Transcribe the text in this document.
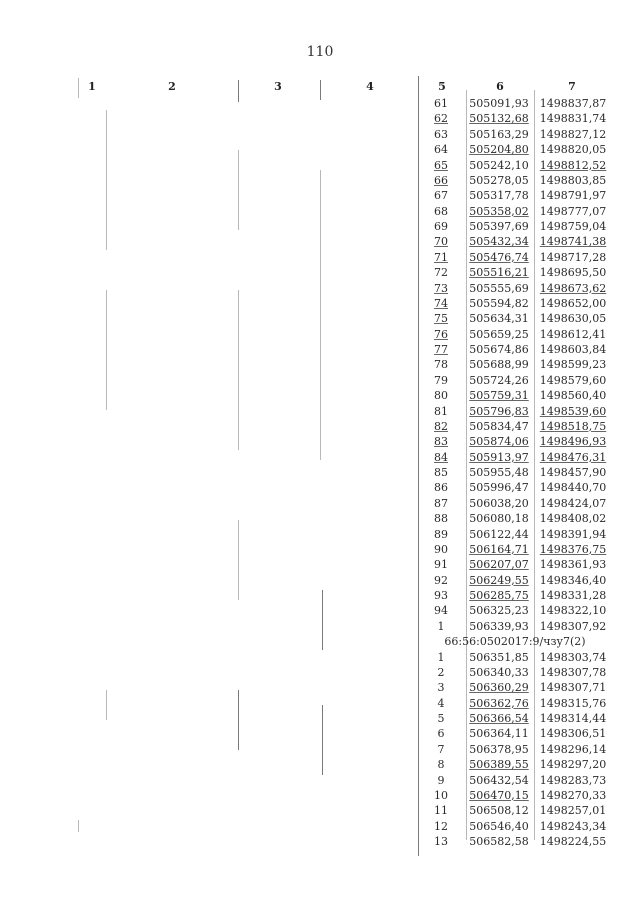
110
1	2	3	4	5	6	7
61	505091,93	1498837,87
62	505132,68	1498831,74
63	505163,29	1498827,12
64	505204,80	1498820,05
65	505242,10	1498812,52
66	505278,05	1498803,85
67	505317,78	1498791,97
68	505358,02	1498777,07
69	505397,69	1498759,04
70	505432,34	1498741,38
71	505476,74	1498717,28
72	505516,21	1498695,50
73	505555,69	1498673,62
74	505594,82	1498652,00
75	505634,31	1498630,05
76	505659,25	1498612,41
77	505674,86	1498603,84
78	505688,99	1498599,23
79	505724,26	1498579,60
80	505759,31	1498560,40
81	505796,83	1498539,60
82	505834,47	1498518,75
83	505874,06	1498496,93
84	505913,97	1498476,31
85	505955,48	1498457,90
86	505996,47	1498440,70
87	506038,20	1498424,07
88	506080,18	1498408,02
89	506122,44	1498391,94
90	506164,71	1498376,75
91	506207,07	1498361,93
92	506249,55	1498346,40
93	506285,75	1498331,28
94	506325,23	1498322,10
1	506339,93	1498307,92
66:56:0502017:9/чзу7(2)
1	506351,85	1498303,74
2	506340,33	1498307,78
3	506360,29	1498307,71
4	506362,76	1498315,76
5	506366,54	1498314,44
6	506364,11	1498306,51
7	506378,95	1498296,14
8	506389,55	1498297,20
9	506432,54	1498283,73
10	506470,15	1498270,33
11	506508,12	1498257,01
12	506546,40	1498243,34
13	506582,58	1498224,55
